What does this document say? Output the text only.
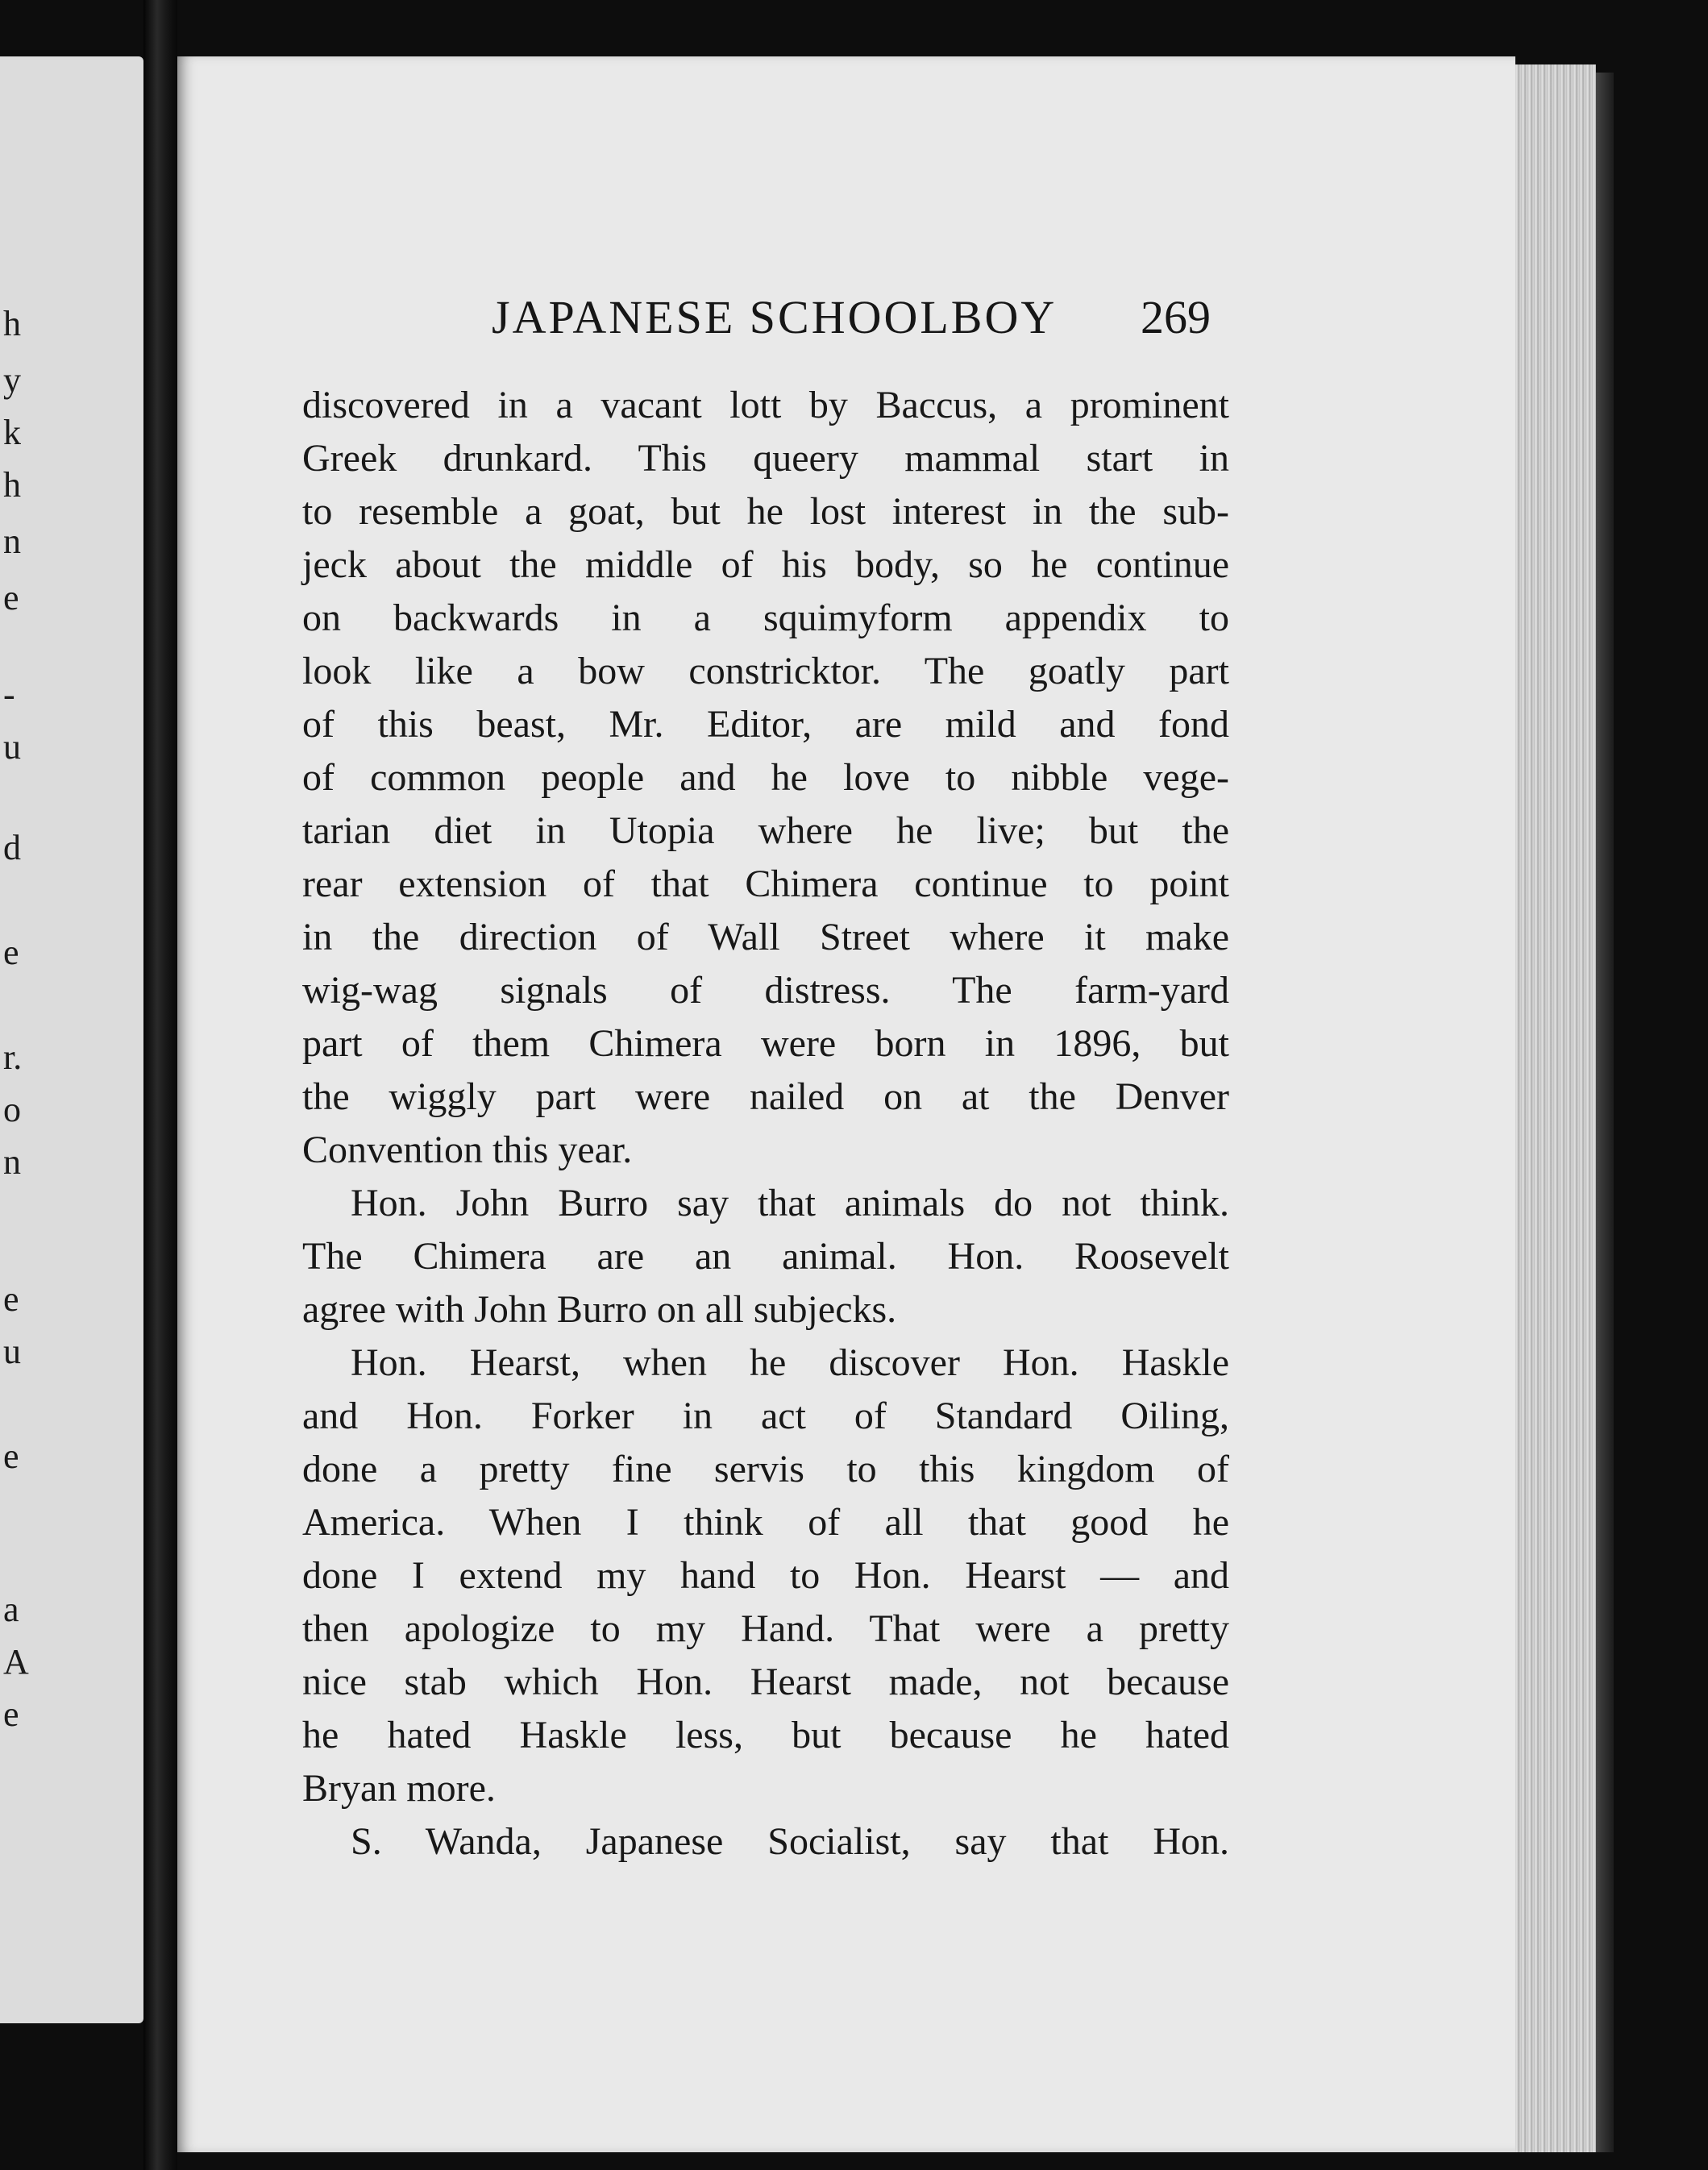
h
y
k
h
n
e
-
u
d
e
r.
o
n
e
u
e
a
A
e
JAPANESE SCHOOLBOY 269
discovered in a vacant lott by Baccus, a prominent
Greek drunkard. This queery mammal start in
to resemble a goat, but he lost interest in the sub-
jeck about the middle of his body, so he continue
on backwards in a squimyform appendix to
look like a bow constricktor. The goatly part
of this beast, Mr. Editor, are mild and fond
of common people and he love to nibble vege-
tarian diet in Utopia where he live; but the
rear extension of that Chimera continue to point
in the direction of Wall Street where it make
wig-wag signals of distress. The farm-yard
part of them Chimera were born in 1896, but
the wiggly part were nailed on at the Denver
Convention this year.
Hon. John Burro say that animals do not think.
The Chimera are an animal. Hon. Roosevelt
agree with John Burro on all subjecks.
Hon. Hearst, when he discover Hon. Haskle
and Hon. Forker in act of Standard Oiling,
done a pretty fine servis to this kingdom of
America. When I think of all that good he
done I extend my hand to Hon. Hearst — and
then apologize to my Hand. That were a pretty
nice stab which Hon. Hearst made, not because
he hated Haskle less, but because he hated
Bryan more.
S. Wanda, Japanese Socialist, say that Hon.
